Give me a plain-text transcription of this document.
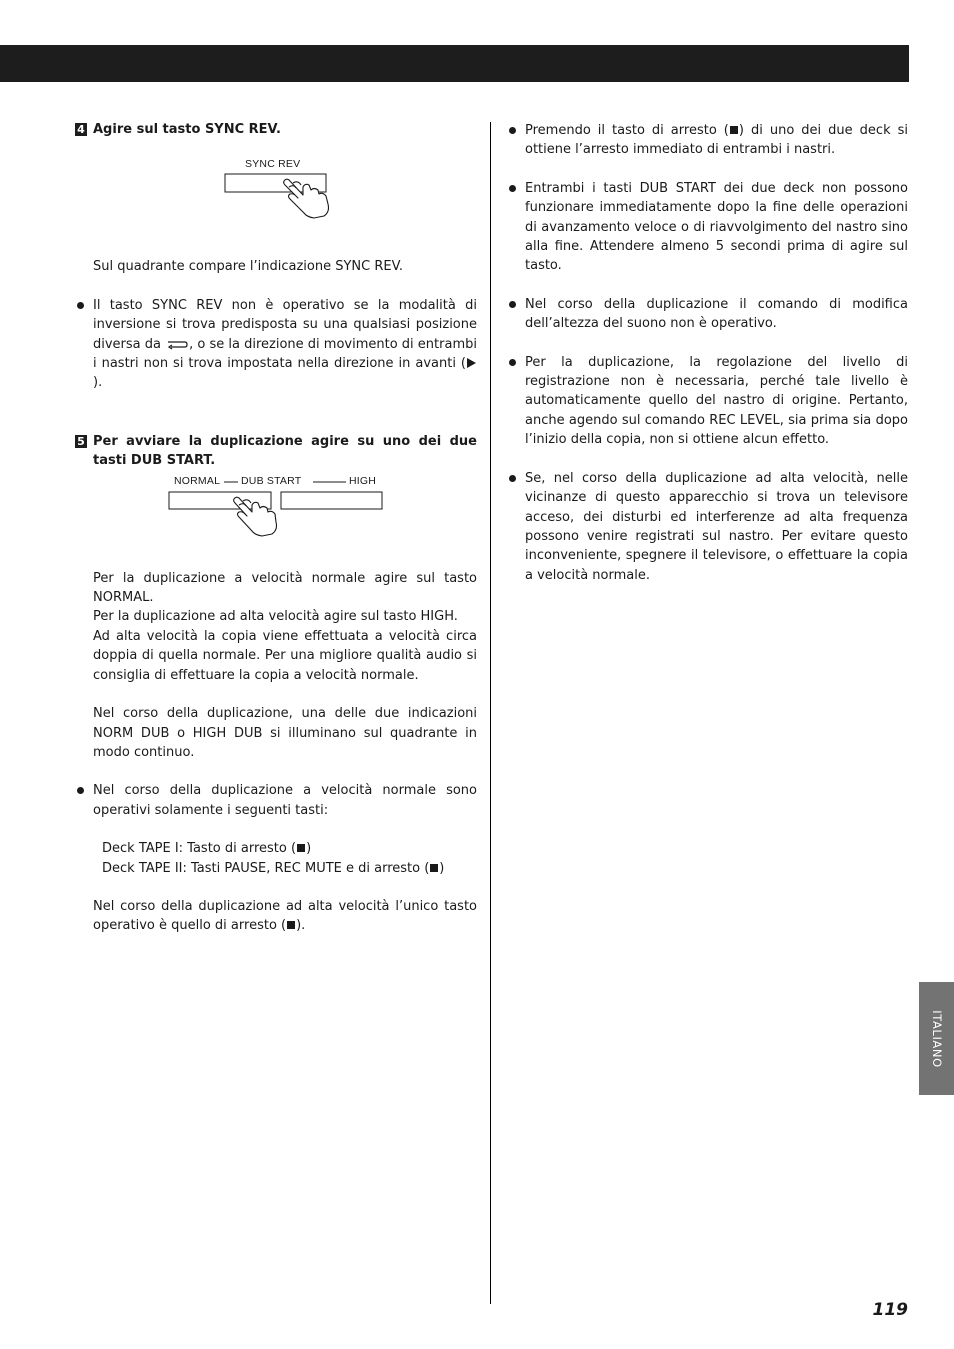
4 Agire sul tasto SYNC REV.
Sul quadrante compare l’indicazione SYNC REV.
Il tasto SYNC REV non è operativo se la modalità di inversione si trova predisposta su una qualsiasi posizione diversa da , o se la direzione di movimento di entrambi i nastri non si trova impostata nella direzione in avanti ().
5 Per avviare la duplicazione agire su uno dei due tasti DUB START.
Per la duplicazione a velocità normale agire sul tasto NORMAL.
Per la duplicazione ad alta velocità agire sul tasto HIGH.
Ad alta velocità la copia viene effettuata a velocità circa doppia di quella normale. Per una migliore qualità audio si consiglia di effettuare la copia a velocità normale.
Nel corso della duplicazione, una delle due indicazioni NORM DUB o HIGH DUB si illuminano sul quadrante in modo continuo.
Nel corso della duplicazione a velocità normale sono operativi solamente i seguenti tasti:
Deck TAPE I: Tasto di arresto ( )
Deck TAPE II: Tasti PAUSE, REC MUTE e di arresto ( )
Nel corso della duplicazione ad alta velocità l’unico tasto operativo è quello di arresto ( ).
SYNC REV
NORMAL DUB START	HIGH
Premendo il tasto di arresto ( ) di uno dei due deck si ottiene l’arresto immediato di entrambi i nastri.
Entrambi i tasti DUB START dei due deck non possono funzionare immediatamente dopo la fine delle operazioni di avanzamento veloce o di riavvolgimento del nastro sino alla fine. Attendere almeno 5 secondi prima di agire sul tasto.
Nel corso della duplicazione il comando di modifica dell’altezza del suono non è operativo.
Per la duplicazione, la regolazione del livello di registrazione non è necessaria, perché tale livello è automaticamente quello del nastro di origine. Pertanto, anche agendo sul comando REC LEVEL, sia prima sia dopo l’inizio della copia, non si ottiene alcun effetto.
Se, nel corso della duplicazione ad alta velocità, nelle vicinanze di questo apparecchio si trova un televisore acceso, dei disturbi ed interferenze ad alta frequenza possono venire registrati sul nastro. Per evitare questo inconveniente, spegnere il televisore, o effettuare la copia a velocità normale.
ITALIANO
119
